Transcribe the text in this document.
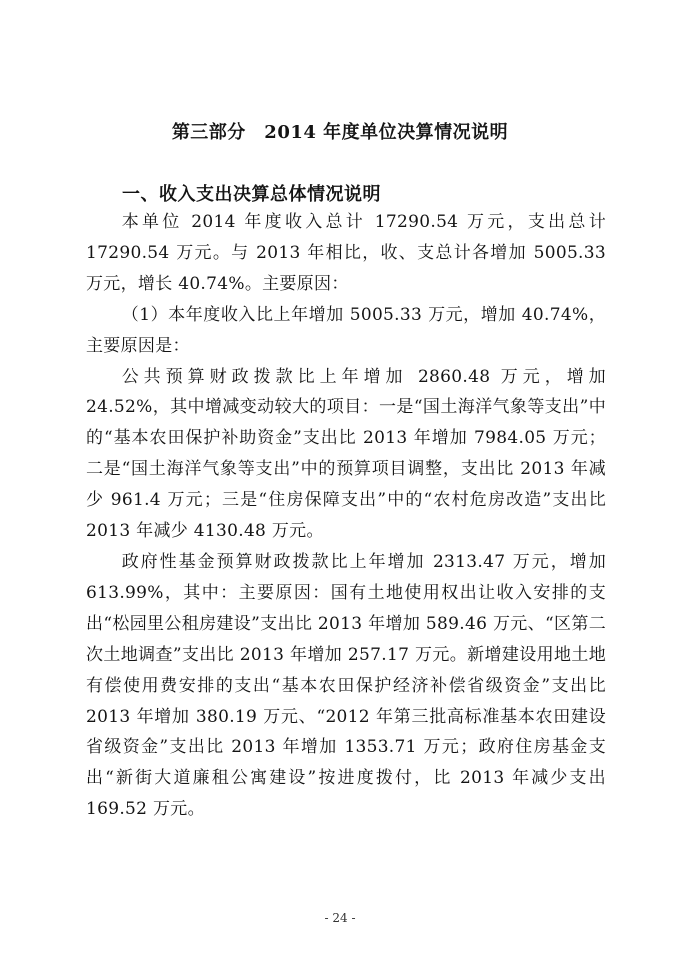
第三部分　2014 年度单位决算情况说明
一、收入支出决算总体情况说明

本单位 2014 年度收入总计 17290.54 万元，支出总计 17290.54 万元。与 2013 年相比，收、支总计各增加 5005.33 万元，增长 40.74%。主要原因：

（1）本年度收入比上年增加 5005.33 万元，增加 40.74%，主要原因是：

公共预算财政拨款比上年增加 2860.48 万元，增加 24.52%，其中增减变动较大的项目：一是“国土海洋气象等支出”中的“基本农田保护补助资金”支出比 2013 年增加 7984.05 万元；二是“国土海洋气象等支出”中的预算项目调整，支出比 2013 年减少 961.4 万元；三是“住房保障支出”中的“农村危房改造”支出比 2013 年减少 4130.48 万元。

政府性基金预算财政拨款比上年增加 2313.47 万元，增加 613.99%，其中：主要原因：国有土地使用权出让收入安排的支出“松园里公租房建设”支出比 2013 年增加 589.46 万元、“区第二次土地调查”支出比 2013 年增加 257.17 万元。新增建设用地土地有偿使用费安排的支出“基本农田保护经济补偿省级资金”支出比 2013 年增加 380.19 万元、“2012 年第三批高标准基本农田建设省级资金”支出比 2013 年增加 1353.71 万元；政府住房基金支出“新街大道廉租公寓建设”按进度拨付，比 2013 年减少支出 169.52 万元。

- 24 -
